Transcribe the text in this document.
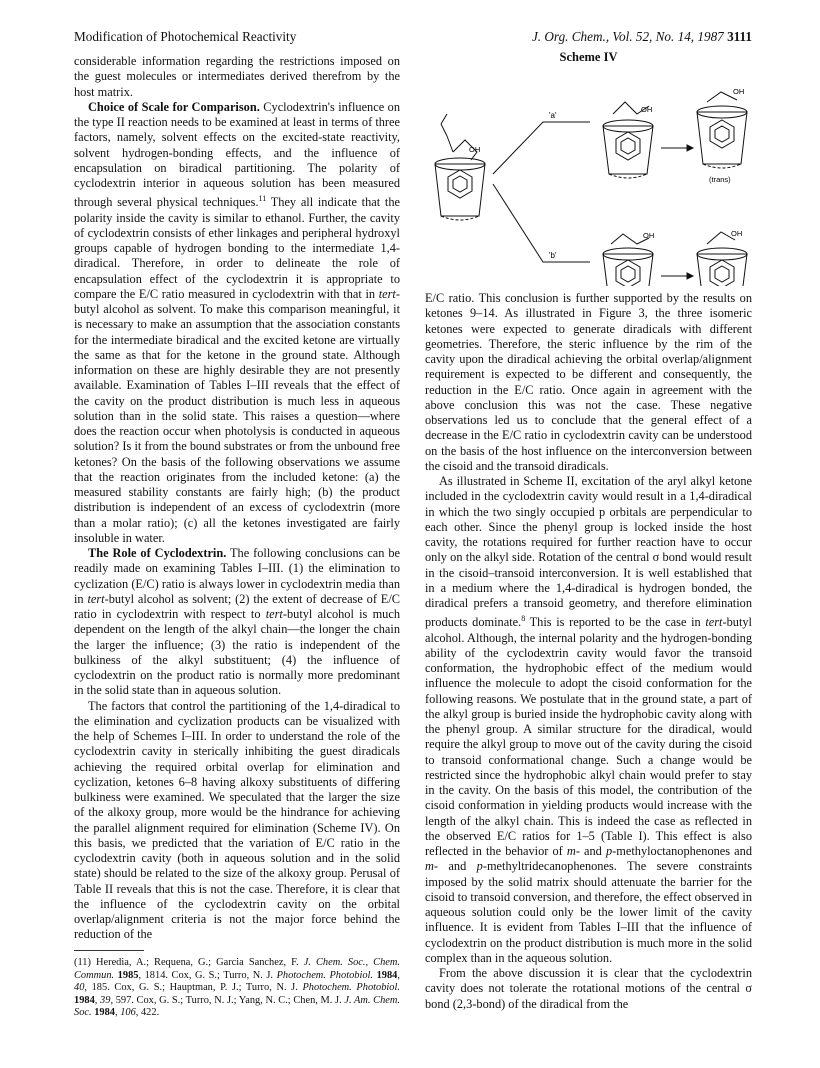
Modification of Photochemical Reactivity	J. Org. Chem., Vol. 52, No. 14, 1987 3111

considerable information regarding the restrictions imposed on the guest molecules or intermediates derived therefrom by the host matrix.

Choice of Scale for Comparison. Cyclodextrin's influence on the type II reaction needs to be examined at least in terms of three factors, namely, solvent effects on the excited-state reactivity, solvent hydrogen-bonding effects, and the influence of encapsulation on biradical partitioning. The polarity of cyclodextrin interior in aqueous solution has been measured through several physical techniques.$^{11}$ They all indicate that the polarity inside the cavity is similar to ethanol. Further, the cavity of cyclodextrin consists of ether linkages and peripheral hydroxyl groups capable of hydrogen bonding to the intermediate 1,4-diradical. Therefore, in order to delineate the role of encapsulation effect of the cyclodextrin it is appropriate to compare the E/C ratio measured in cyclodextrin with that in tert-butyl alcohol as solvent. To make this comparison meaningful, it is necessary to make an assumption that the association constants for the intermediate biradical and the excited ketone are virtually the same as that for the ketone in the ground state. Although information on these are highly desirable they are not presently available. Examination of Tables I–III reveals that the effect of the cavity on the product distribution is much less in aqueous solution than in the solid state. This raises a question—where does the reaction occur when photolysis is conducted in aqueous solution? Is it from the bound substrates or from the unbound free ketones? On the basis of the following observations we assume that the reaction originates from the included ketone: (a) the measured stability constants are fairly high; (b) the product distribution is independent of an excess of cyclodextrin (more than a molar ratio); (c) all the ketones investigated are fairly insoluble in water.

The Role of Cyclodextrin. The following conclusions can be readily made on examining Tables I–III. (1) the elimination to cyclization (E/C) ratio is always lower in cyclodextrin media than in tert-butyl alcohol as solvent; (2) the extent of decrease of E/C ratio in cyclodextrin with respect to tert-butyl alcohol is much dependent on the length of the alkyl chain—the longer the chain the larger the influence; (3) the ratio is independent of the bulkiness of the alkyl substituent; (4) the influence of cyclodextrin on the product ratio is normally more predominant in the solid state than in aqueous solution.

The factors that control the partitioning of the 1,4-diradical to the elimination and cyclization products can be visualized with the help of Schemes I–III. In order to understand the role of the cyclodextrin cavity in sterically inhibiting the guest diradicals achieving the required orbital overlap for elimination and cyclization, ketones 6–8 having alkoxy substituents of differing bulkiness were examined. We speculated that the larger the size of the alkoxy group, more would be the hindrance for achieving the parallel alignment required for elimination (Scheme IV). On this basis, we predicted that the variation of E/C ratio in the cyclodextrin cavity (both in aqueous solution and in the solid state) should be related to the size of the alkoxy group. Perusal of Table II reveals that this is not the case. Therefore, it is clear that the influence of the cyclodextrin cavity on the orbital overlap/alignment criteria is not the major force behind the reduction of the

Scheme IV
'a'
'b'
OH
OH
OH
OH	OH
(trans)

E/C ratio. This conclusion is further supported by the results on ketones 9–14. As illustrated in Figure 3, the three isomeric ketones were expected to generate diradicals with different geometries. Therefore, the steric influence by the rim of the cavity upon the diradical achieving the orbital overlap/alignment requirement is expected to be different and consequently, the reduction in the E/C ratio. Once again in agreement with the above conclusion this was not the case. These negative observations led us to conclude that the general effect of a decrease in the E/C ratio in cyclodextrin cavity can be understood on the basis of the host influence on the interconversion between the cisoid and the transoid diradicals.

As illustrated in Scheme II, excitation of the aryl alkyl ketone included in the cyclodextrin cavity would result in a 1,4-diradical in which the two singly occupied p orbitals are perpendicular to each other. Since the phenyl group is locked inside the host cavity, the rotations required for further reaction have to occur only on the alkyl side. Rotation of the central σ bond would result in the cisoid–transoid interconversion. It is well established that in a medium where the 1,4-diradical is hydrogen bonded, the diradical prefers a transoid geometry, and therefore elimination products dominate.$^8$ This is reported to be the case in tert-butyl alcohol. Although, the internal polarity and the hydrogen-bonding ability of the cyclodextrin cavity would favor the transoid conformation, the hydrophobic effect of the medium would influence the molecule to adopt the cisoid conformation for the following reasons. We postulate that in the ground state, a part of the alkyl group is buried inside the hydrophobic cavity along with the phenyl group. A similar structure for the diradical, would require the alkyl group to move out of the cavity during the cisoid to transoid conformational change. Such a change would be restricted since the hydrophobic alkyl chain would prefer to stay in the cavity. On the basis of this model, the contribution of the cisoid conformation in yielding products would increase with the length of the alkyl chain. This is indeed the case as reflected in the observed E/C ratios for 1–5 (Table I). This effect is also reflected in the behavior of m- and p-methyloctanophenones and m- and p-methyltridecanophenones. The severe constraints imposed by the solid matrix should attenuate the barrier for the cisoid to transoid conversion, and therefore, the effect observed in aqueous solution could only be the lower limit of the cavity influence. It is evident from Tables I–III that the influence of cyclodextrin on the product distribution is much more in the solid complex than in the aqueous solution.

From the above discussion it is clear that the cyclodextrin cavity does not tolerate the rotational motions of the central σ bond (2,3-bond) of the diradical from the

(11) Heredia, A.; Requena, G.; Garcia Sanchez, F. J. Chem. Soc., Chem. Commun. 1985, 1814. Cox, G. S.; Turro, N. J. Photochem. Photobiol. 1984, 40, 185. Cox, G. S.; Hauptman, P. J.; Turro, N. J. Photochem. Photobiol. 1984, 39, 597. Cox, G. S.; Turro, N. J.; Yang, N. C.; Chen, M. J. J. Am. Chem. Soc. 1984, 106, 422.
